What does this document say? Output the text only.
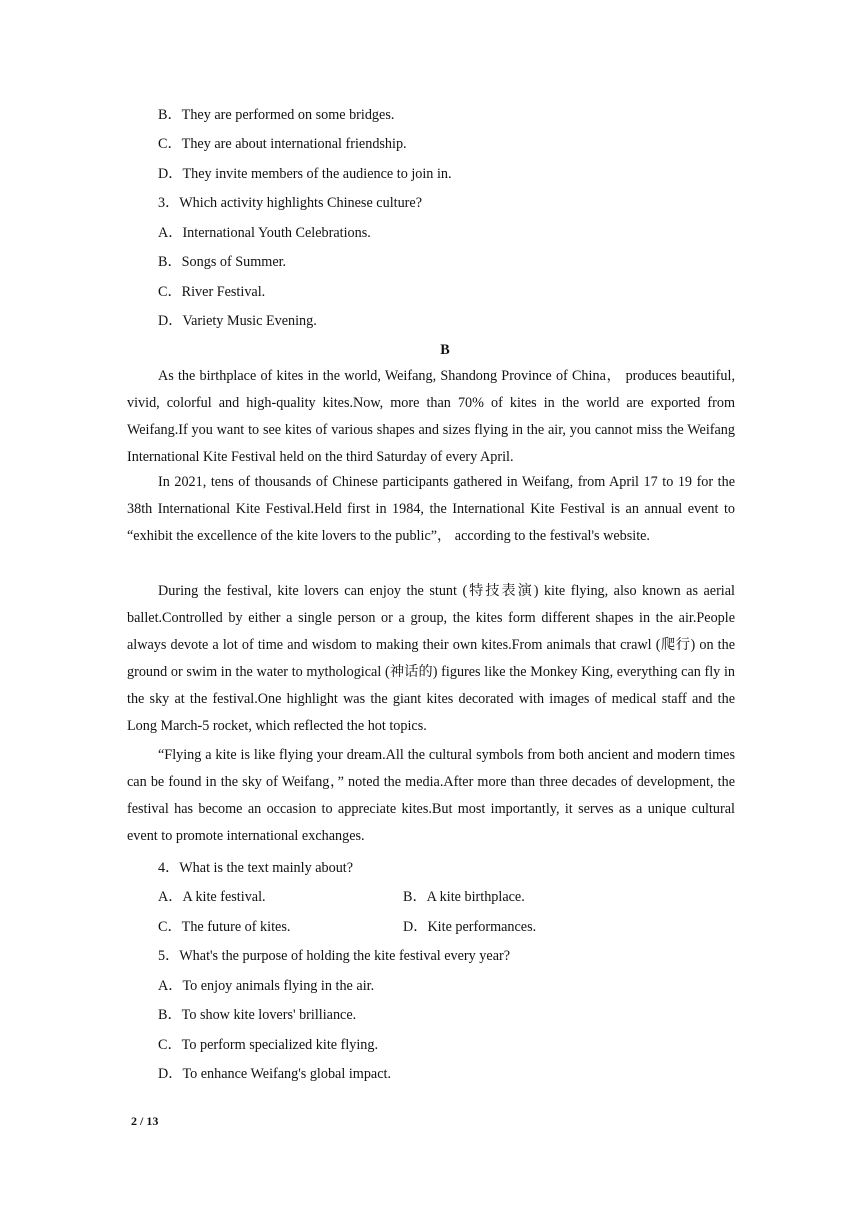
B．They are performed on some bridges.
C．They are about international friendship.
D．They invite members of the audience to join in.
3．Which activity highlights Chinese culture?
A．International Youth Celebrations.
B．Songs of Summer.
C．River Festival.
D．Variety Music Evening.
B

As the birthplace of kites in the world, Weifang, Shandong Province of China， produces beautiful, vivid, colorful and high-quality kites.Now, more than 70% of kites in the world are exported from Weifang.If you want to see kites of various shapes and sizes flying in the air, you cannot miss the Weifang International Kite Festival held on the third Saturday of every April.

In 2021, tens of thousands of Chinese participants gathered in Weifang, from April 17 to 19 for the 38th International Kite Festival.Held first in 1984, the International Kite Festival is an annual event to “exhibit the excellence of the kite lovers to the public”， according to the festival's website.

During the festival, kite lovers can enjoy the stunt (特技表演) kite flying, also known as aerial ballet.Controlled by either a single person or a group, the kites form different shapes in the air.People always devote a lot of time and wisdom to making their own kites.From animals that crawl (爬行) on the ground or swim in the water to mythological (神话的) figures like the Monkey King, everything can fly in the sky at the festival.One highlight was the giant kites decorated with images of medical staff and the Long March-5 rocket, which reflected the hot topics.

“Flying a kite is like flying your dream.All the cultural symbols from both ancient and modern times can be found in the sky of Weifang，” noted the media.After more than three decades of development, the festival has become an occasion to appreciate kites.But most importantly, it serves as a unique cultural event to promote international exchanges.

4．What is the text mainly about?
A．A kite festival.	B．A kite birthplace.
C．The future of kites.	D．Kite performances.
5．What's the purpose of holding the kite festival every year?
A．To enjoy animals flying in the air.
B．To show kite lovers' brilliance.
C．To perform specialized kite flying.
D．To enhance Weifang's global impact.
2 / 13
